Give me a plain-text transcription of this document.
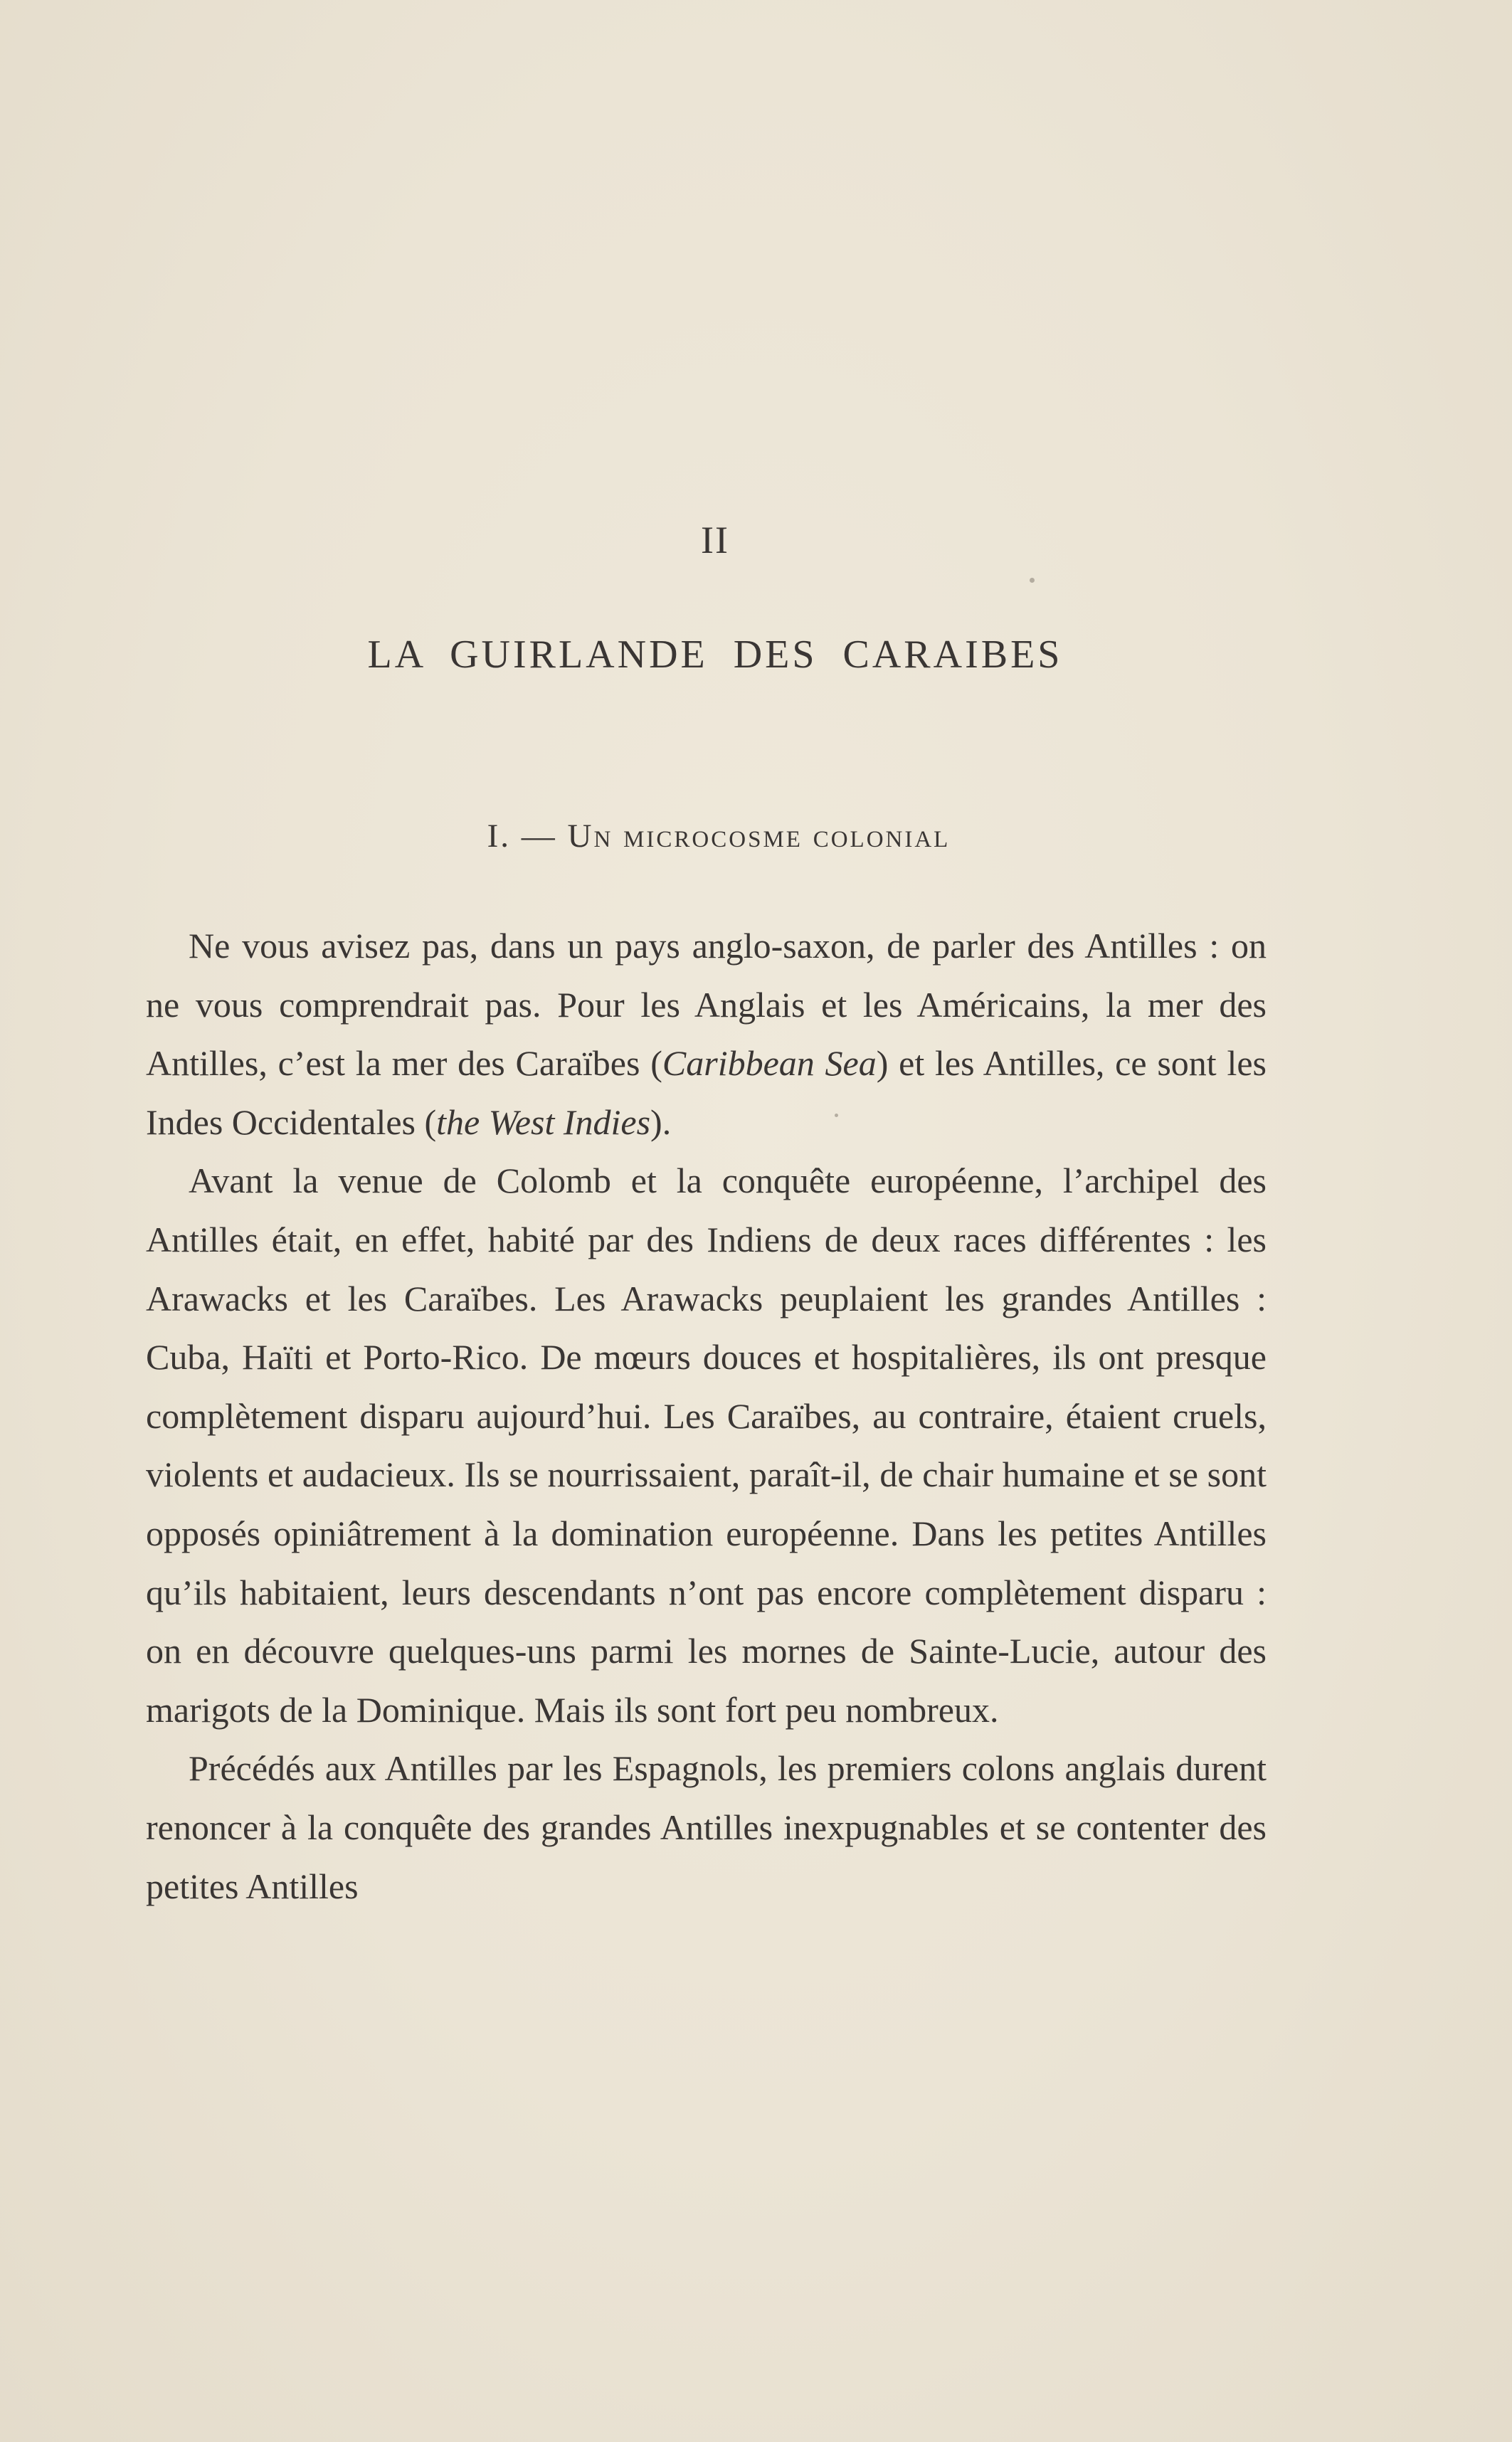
II
LA GUIRLANDE DES CARAIBES
I. — Un microcosme colonial

Ne vous avisez pas, dans un pays anglo-saxon, de parler des Antilles : on ne vous comprendrait pas. Pour les Anglais et les Américains, la mer des Antilles, c’est la mer des Caraïbes (Caribbean Sea) et les Antilles, ce sont les Indes Occidentales (the West Indies).

Avant la venue de Colomb et la conquête européenne, l’archipel des Antilles était, en effet, habité par des Indiens de deux races différentes : les Arawacks et les Caraïbes. Les Arawacks peuplaient les grandes Antilles : Cuba, Haïti et Porto-Rico. De mœurs douces et hospitalières, ils ont presque complètement disparu aujourd’hui. Les Caraïbes, au contraire, étaient cruels, violents et audacieux. Ils se nourrissaient, paraît-il, de chair humaine et se sont opposés opiniâtrement à la domination européenne. Dans les petites Antilles qu’ils habitaient, leurs descendants n’ont pas encore complètement disparu : on en découvre quelques-uns parmi les mornes de Sainte-Lucie, autour des marigots de la Dominique. Mais ils sont fort peu nombreux.

Précédés aux Antilles par les Espagnols, les premiers colons anglais durent renoncer à la conquête des grandes Antilles inexpugnables et se contenter des petites Antilles
